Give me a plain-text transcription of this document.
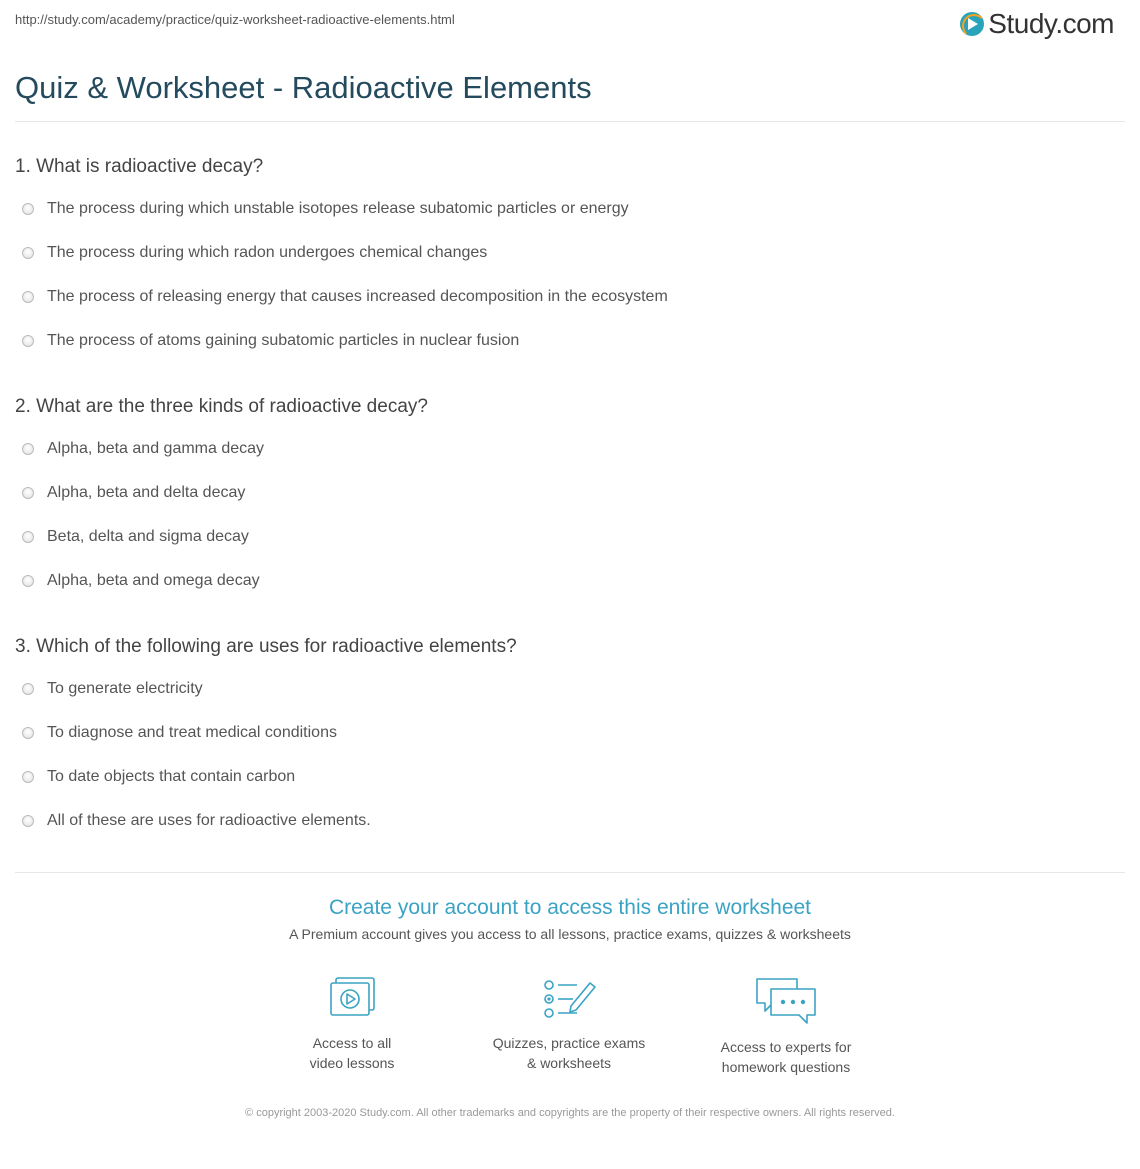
http://study.com/academy/practice/quiz-worksheet-radioactive-elements.html	Study.com
Quiz & Worksheet - Radioactive Elements
1. What is radioactive decay?
The process during which unstable isotopes release subatomic particles or energy
The process during which radon undergoes chemical changes
The process of releasing energy that causes increased decomposition in the ecosystem
The process of atoms gaining subatomic particles in nuclear fusion
2. What are the three kinds of radioactive decay?
Alpha, beta and gamma decay
Alpha, beta and delta decay
Beta, delta and sigma decay
Alpha, beta and omega decay
3. Which of the following are uses for radioactive elements?
To generate electricity
To diagnose and treat medical conditions
To date objects that contain carbon
All of these are uses for radioactive elements.
Create your account to access this entire worksheet
A Premium account gives you access to all lessons, practice exams, quizzes & worksheets
Access to all
video lessons
Quizzes, practice exams
& worksheets
Access to experts for
homework questions
© copyright 2003-2020 Study.com. All other trademarks and copyrights are the property of their respective owners. All rights reserved.
